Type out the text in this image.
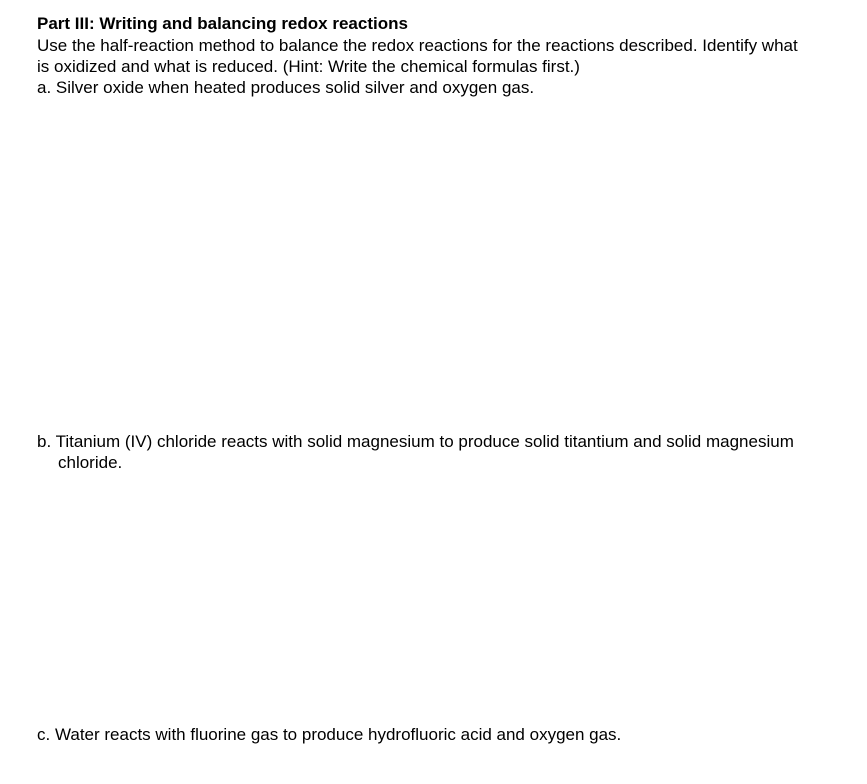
Part III: Writing and balancing redox reactions

Use the half-reaction method to balance the redox reactions for the reactions described. Identify what

is oxidized and what is reduced. (Hint: Write the chemical formulas first.)

a. Silver oxide when heated produces solid silver and oxygen gas.

b. Titanium (IV) chloride reacts with solid magnesium to produce solid titantium and solid magnesium

chloride.

c. Water reacts with fluorine gas to produce hydrofluoric acid and oxygen gas.
